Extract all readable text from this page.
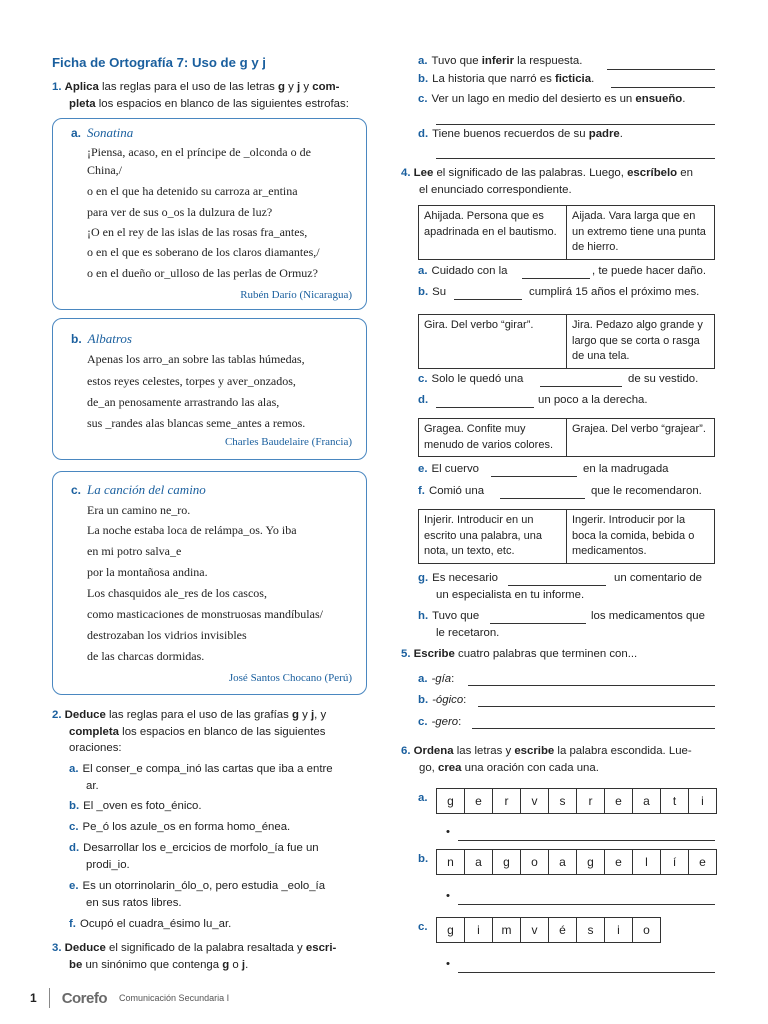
Ficha de Ortografía 7: Uso de g y j
1. Aplica las reglas para el uso de las letras g y j y com-
pleta los espacios en blanco de las siguientes estrofas:
a. Sonatina
¡Piensa, acaso, en el príncipe de _olconda o de
China,/
o en el que ha detenido su carroza ar_entina
para ver de sus o_os la dulzura de luz?
¡O en el rey de las islas de las rosas fra_antes,
o en el que es soberano de los claros diamantes,/
o en el dueño or_ulloso de las perlas de Ormuz?
Rubén Darío (Nicaragua)
b. Albatros
Apenas los arro_an sobre las tablas húmedas,
estos reyes celestes, torpes y aver_onzados,
de_an penosamente arrastrando las alas,
sus _randes alas blancas seme_antes a remos.
Charles Baudelaire (Francia)
c. La canción del camino
Era un camino ne_ro.
La noche estaba loca de relámpa_os. Yo iba
en mi potro salva_e
por la montañosa andina.
Los chasquidos ale_res de los cascos,
como masticaciones de monstruosas mandíbulas/
destrozaban los vidrios invisibles
de las charcas dormidas.
José Santos Chocano (Perú)
2. Deduce las reglas para el uso de las grafías g y j, y
completa los espacios en blanco de las siguientes
oraciones:
a. El conser_e compa_inó las cartas que iba a entre
ar.
b. El _oven es foto_énico.
c. Pe_ó los azule_os en forma homo_énea.
d. Desarrollar los e_ercicios de morfolo_ía fue un
prodi_io.
e. Es un otorrinolarin_ólo_o, pero estudia _eolo_ía
en sus ratos libres.
f. Ocupó el cuadra_ésimo lu_ar.
3. Deduce el significado de la palabra resaltada y escri-
be un sinónimo que contenga g o j.
a. Tuvo que inferir la respuesta.
b. La historia que narró es ficticia.
c. Ver un lago en medio del desierto es un ensueño.
d. Tiene buenos recuerdos de su padre.
4. Lee el significado de las palabras. Luego, escríbelo en
el enunciado correspondiente.
Ahijada. Persona que es apadrinada en el bautismo.	Aijada. Vara larga que en un extremo tiene una punta de hierro.
a. Cuidado con la	, te puede hacer daño.
b. Su	cumplirá 15 años el próximo mes.
Gira. Del verbo “girar”.	Jira. Pedazo algo grande y largo que se corta o rasga de una tela.
c. Solo le quedó una	de su vestido.
d.	un poco a la derecha.
Gragea. Confite muy menudo de varios colores.	Grajea. Del verbo “grajear”.
e. El cuervo	en la madrugada
f. Comió una	que le recomendaron.
Injerir. Introducir en un escrito una palabra, una nota, un texto, etc.	Ingerir. Introducir por la boca la comida, bebida o medicamentos.
g. Es necesario	un comentario de
un especialista en tu informe.
h. Tuvo que	los medicamentos que
le recetaron.
5. Escribe cuatro palabras que terminen con...
a. -gía:
b. -ógico:
c. -gero:
6. Ordena las letras y escribe la palabra escondida. Lue-
go, crea una oración con cada una.
a.	g	e	r	v	s	r	e	a	t	i
•
b.	n	a	g	o	a	g	e	l	í	e
•
c.	g	i	m	v	é	s	i	o
•
1 Corefo Comunicación Secundaria I
